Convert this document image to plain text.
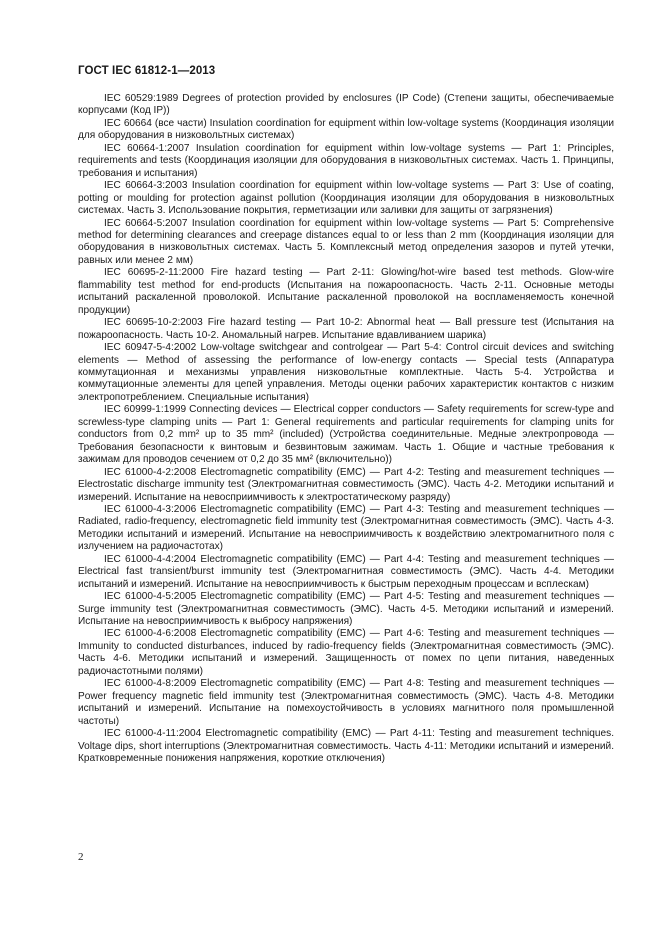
ГОСТ IEC 61812-1—2013

IEC 60529:1989 Degrees of protection provided by enclosures (IP Code) (Степени защиты, обеспечиваемые корпусами (Код IP))

IEC 60664 (все части) Insulation coordination for equipment within low-voltage systems (Координация изоляции для оборудования в низковольтных системах)

IEC 60664-1:2007 Insulation coordination for equipment within low-voltage systems — Part 1: Principles, requirements and tests (Координация изоляции для оборудования в низковольтных системах. Часть 1. Принципы, требования и испытания)

IEC 60664-3:2003 Insulation coordination for equipment within low-voltage systems — Part 3: Use of coating, potting or moulding for protection against pollution (Координация изоляции для оборудования в низковольтных системах. Часть 3. Использование покрытия, герметизации или заливки для защиты от загрязнения)

IEC 60664-5:2007 Insulation coordination for equipment within low-voltage systems — Part 5: Comprehensive method for determining clearances and creepage distances equal to or less than 2 mm (Координация изоляции для оборудования в низковольтных системах. Часть 5. Комплексный метод определения зазоров и путей утечки, равных или менее 2 мм)

IEC 60695-2-11:2000 Fire hazard testing — Part 2-11: Glowing/hot-wire based test methods. Glow-wire flammability test method for end-products (Испытания на пожароопасность. Часть 2-11. Основные методы испытаний раскаленной проволокой. Испытание раскаленной проволокой на воспламеняемость конечной продукции)

IEC 60695-10-2:2003 Fire hazard testing — Part 10-2: Abnormal heat — Ball pressure test (Испытания на пожароопасность. Часть 10-2. Аномальный нагрев. Испытание вдавливанием шарика)

IEC 60947-5-4:2002 Low-voltage switchgear and controlgear — Part 5-4: Control circuit devices and switching elements — Method of assessing the performance of low-energy contacts — Special tests (Аппаратура коммутационная и механизмы управления низковольтные комплектные. Часть 5-4. Устройства и коммутационные элементы для цепей управления. Методы оценки рабочих характеристик контактов с низким электропотреблением. Специальные испытания)

IEC 60999-1:1999 Connecting devices — Electrical copper conductors — Safety requirements for screw-type and screwless-type clamping units — Part 1: General requirements and particular requirements for clamping units for conductors from 0,2 mm² up to 35 mm² (included) (Устройства соединительные. Медные электропровода — Требования безопасности к винтовым и безвинтовым зажимам. Часть 1. Общие и частные требования к зажимам для проводов сечением от 0,2 до 35 мм² (включительно))

IEC 61000-4-2:2008 Electromagnetic compatibility (EMC) — Part 4-2: Testing and measurement techniques — Electrostatic discharge immunity test (Электромагнитная совместимость (ЭМС). Часть 4-2. Методики испытаний и измерений. Испытание на невосприимчивость к электростатическому разряду)

IEC 61000-4-3:2006 Electromagnetic compatibility (EMC) — Part 4-3: Testing and measurement techniques — Radiated, radio-frequency, electromagnetic field immunity test (Электромагнитная совместимость (ЭМС). Часть 4-3. Методики испытаний и измерений. Испытание на невосприимчивость к воздействию электромагнитного поля с излучением на радиочастотах)

IEC 61000-4-4:2004 Electromagnetic compatibility (EMC) — Part 4-4: Testing and measurement techniques — Electrical fast transient/burst immunity test (Электромагнитная совместимость (ЭМС). Часть 4-4. Методики испытаний и измерений. Испытание на невосприимчивость к быстрым переходным процессам и всплескам)

IEC 61000-4-5:2005 Electromagnetic compatibility (EMC) — Part 4-5: Testing and measurement techniques — Surge immunity test (Электромагнитная совместимость (ЭМС). Часть 4-5. Методики испытаний и измерений. Испытание на невосприимчивость к выбросу напряжения)

IEC 61000-4-6:2008 Electromagnetic compatibility (EMC) — Part 4-6: Testing and measurement techniques — Immunity to conducted disturbances, induced by radio-frequency fields (Электромагнитная совместимость (ЭМС). Часть 4-6. Методики испытаний и измерений. Защищенность от помех по цепи питания, наведенных радиочастотными полями)

IEC 61000-4-8:2009 Electromagnetic compatibility (EMC) — Part 4-8: Testing and measurement techniques — Power frequency magnetic field immunity test (Электромагнитная совместимость (ЭМС). Часть 4-8. Методики испытаний и измерений. Испытание на помехоустойчивость в условиях магнитного поля промышленной частоты)

IEC 61000-4-11:2004 Electromagnetic compatibility (EMC) — Part 4-11: Testing and measurement techniques. Voltage dips, short interruptions (Электромагнитная совместимость. Часть 4-11: Методики испытаний и измерений. Кратковременные понижения напряжения, короткие отключения)

2
